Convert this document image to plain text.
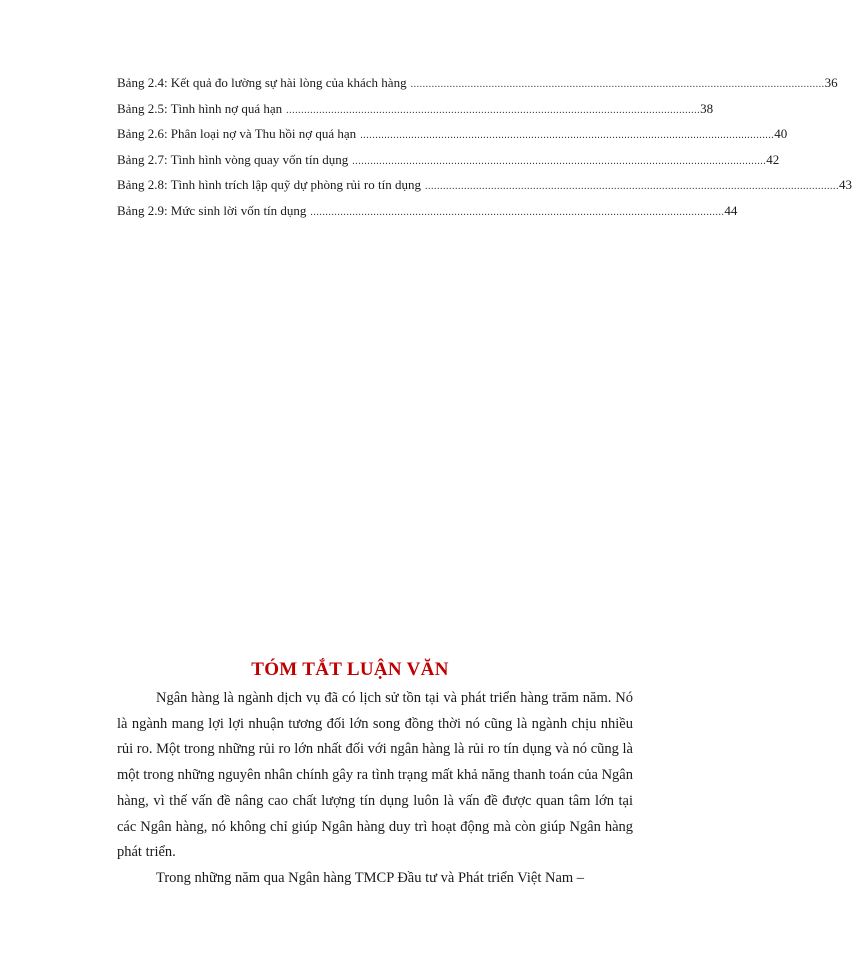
Bảng 2.4: Kết quả đo lường sự hài lòng của khách hàng .......................................................................................................................................... 36
Bảng 2.5: Tình hình nợ quá hạn .......................................................................................................................................... 38
Bảng 2.6: Phân loại nợ và Thu hồi nợ quá hạn .......................................................................................................................................... 40
Bảng 2.7: Tình hình vòng quay vốn tín dụng .......................................................................................................................................... 42
Bảng 2.8: Tình hình trích lập quỹ dự phòng rủi ro tín dụng .......................................................................................................................................... 43
Bảng 2.9: Mức sinh lời vốn tín dụng .......................................................................................................................................... 44
TÓM TẮT LUẬN VĂN

Ngân hàng là ngành dịch vụ đã có lịch sử tồn tại và phát triển hàng trăm năm. Nó là ngành mang lợi lợi nhuận tương đối lớn song đồng thời nó cũng là ngành chịu nhiều rủi ro. Một trong những rủi ro lớn nhất đối với ngân hàng là rủi ro tín dụng và nó cũng là một trong những nguyên nhân chính gây ra tình trạng mất khả năng thanh toán của Ngân hàng, vì thế vấn đề nâng cao chất lượng tín dụng luôn là vấn đề được quan tâm lớn tại các Ngân hàng, nó không chỉ giúp Ngân hàng duy trì hoạt động mà còn giúp Ngân hàng phát triển.

Trong những năm qua Ngân hàng TMCP Đầu tư và Phát triển Việt Nam –
